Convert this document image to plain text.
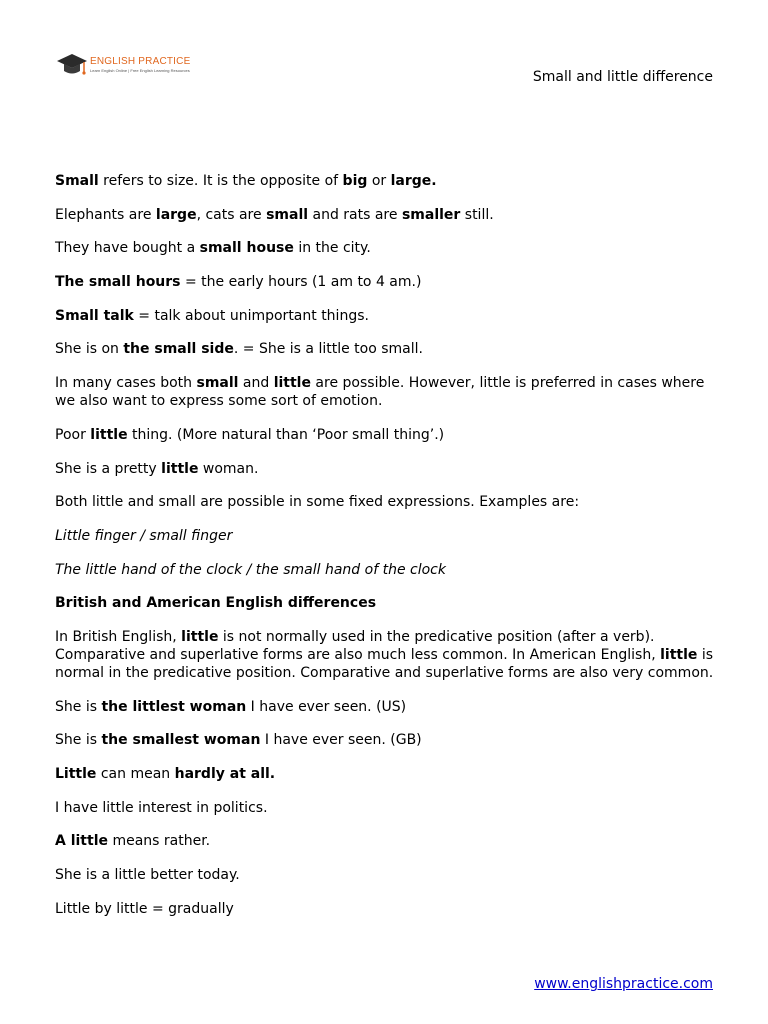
ENGLISH PRACTICE
Learn English Online | Free English Learning Resources	Small and little difference

Small refers to size. It is the opposite of big or large.

Elephants are large, cats are small and rats are smaller still.

They have bought a small house in the city.

The small hours = the early hours (1 am to 4 am.)

Small talk = talk about unimportant things.

She is on the small side. = She is a little too small.

In many cases both small and little are possible. However, little is preferred in cases where we also want to express some sort of emotion.

Poor little thing. (More natural than ‘Poor small thing’.)

She is a pretty little woman.

Both little and small are possible in some fixed expressions. Examples are:

Little finger / small finger

The little hand of the clock / the small hand of the clock

British and American English differences

In British English, little is not normally used in the predicative position (after a verb). Comparative and superlative forms are also much less common. In American English, little is normal in the predicative position. Comparative and superlative forms are also very common.

She is the littlest woman I have ever seen. (US)

She is the smallest woman I have ever seen. (GB)

Little can mean hardly at all.

I have little interest in politics.

A little means rather.

She is a little better today.

Little by little = gradually

www.englishpractice.com
